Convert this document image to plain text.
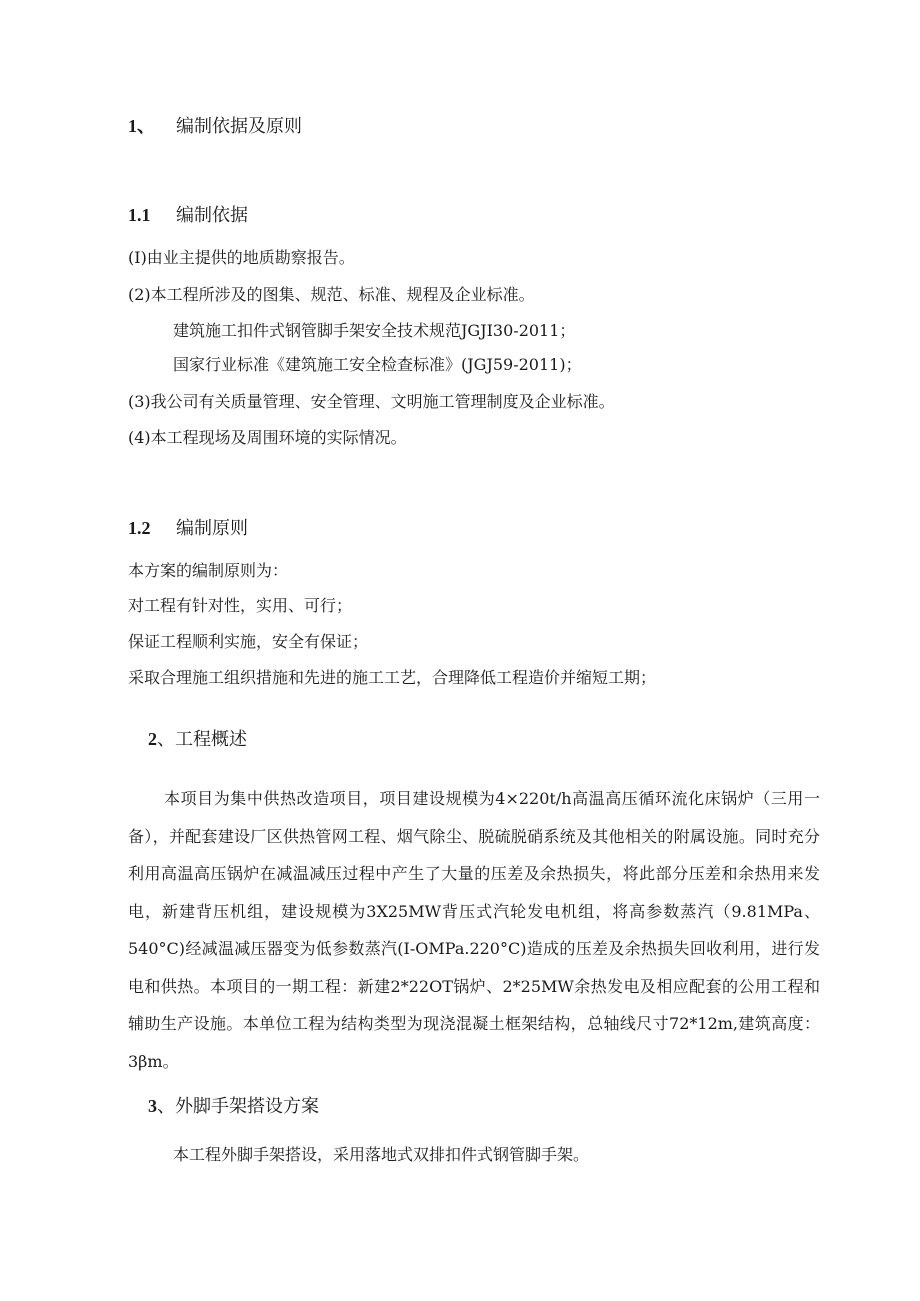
1、 编制依据及原则
1.1 编制依据
(I)由业主提供的地质勘察报告。
(2)本工程所涉及的图集、规范、标准、规程及企业标准。
建筑施工扣件式钢管脚手架安全技术规范JGJI30-2011；
国家行业标准《建筑施工安全检查标准》(JGJ59-2011)；
(3)我公司有关质量管理、安全管理、文明施工管理制度及企业标准。
(4)本工程现场及周围环境的实际情况。
1.2 编制原则
本方案的编制原则为：
对工程有针对性，实用、可行；
保证工程顺利实施，安全有保证；
采取合理施工组织措施和先进的施工工艺，合理降低工程造价并缩短工期；
2、工程概述
本项目为集中供热改造项目，项目建设规模为4×220t/h高温高压循环流化床锅炉（三用一备），并配套建设厂区供热管网工程、烟气除尘、脱硫脱硝系统及其他相关的附属设施。同时充分利用高温高压锅炉在减温减压过程中产生了大量的压差及余热损失，将此部分压差和余热用来发电，新建背压机组，建设规模为3X25MW背压式汽轮发电机组，将高参数蒸汽（9.81MPa、540°C)经减温减压器变为低参数蒸汽(I-OMPa.220°C)造成的压差及余热损失回收利用，进行发电和供热。本项目的一期工程：新建2*22OT锅炉、2*25MW余热发电及相应配套的公用工程和辅助生产设施。本单位工程为结构类型为现浇混凝土框架结构，总轴线尺寸72*12m,建筑高度：3βm。
3、外脚手架搭设方案
本工程外脚手架搭设，采用落地式双排扣件式钢管脚手架。
